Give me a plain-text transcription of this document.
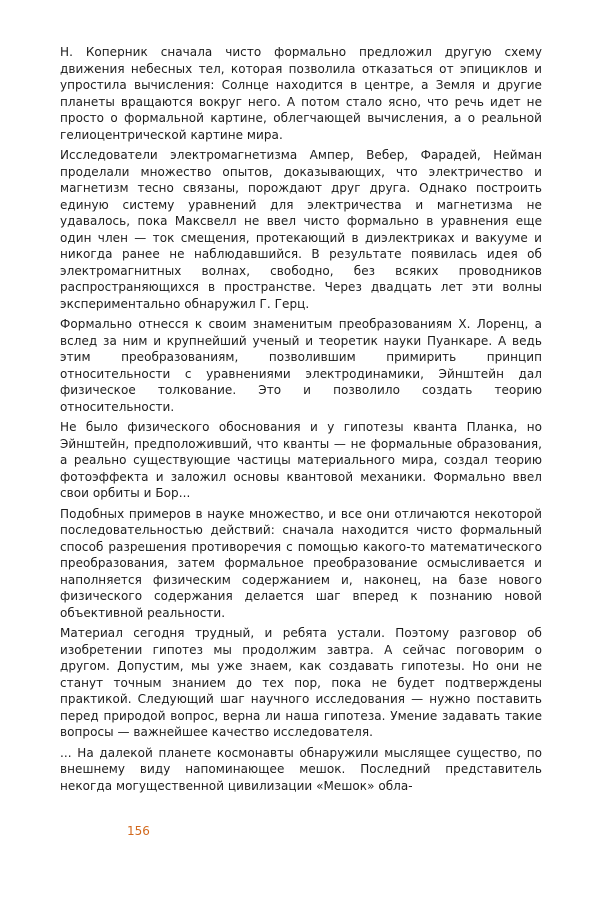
Н. Коперник сначала чисто формально предложил другую схему движения небесных тел, которая позволила отказаться от эпициклов и упростила вычисления: Солнце находится в центре, а Земля и другие планеты вращаются вокруг него. А потом стало ясно, что речь идет не просто о формальной картине, облегчающей вычисления, а о реальной гелиоцентрической картине мира.

Исследователи электромагнетизма Ампер, Вебер, Фарадей, Нейман проделали множество опытов, доказывающих, что электричество и магнетизм тесно связаны, порождают друг друга. Однако построить единую систему уравнений для электричества и магнетизма не удавалось, пока Максвелл не ввел чисто формально в уравнения еще один член — ток смещения, протекающий в диэлектриках и вакууме и никогда ранее не наблюдавшийся. В результате появилась идея об электромагнитных волнах, свободно, без всяких проводников распространяющихся в пространстве. Через двадцать лет эти волны экспериментально обнаружил Г. Герц.

Формально отнесся к своим знаменитым преобразованиям Х. Лоренц, а вслед за ним и крупнейший ученый и теоретик науки Пуанкаре. А ведь этим преобразованиям, позволившим примирить принцип относительности с уравнениями электродинамики, Эйнштейн дал физическое толкование. Это и позволило создать теорию относительности.

Не было физического обоснования и у гипотезы кванта Планка, но Эйнштейн, предположивший, что кванты — не формальные образования, а реально существующие частицы материального мира, создал теорию фотоэффекта и заложил основы квантовой механики. Формально ввел свои орбиты и Бор...

Подобных примеров в науке множество, и все они отличаются некоторой последовательностью действий: сначала находится чисто формальный способ разрешения противоречия с помощью какого-то математического преобразования, затем формальное преобразование осмысливается и наполняется физическим содержанием и, наконец, на базе нового физического содержания делается шаг вперед к познанию новой объективной реальности.

Материал сегодня трудный, и ребята устали. Поэтому разговор об изобретении гипотез мы продолжим завтра. А сейчас поговорим о другом. Допустим, мы уже знаем, как создавать гипотезы. Но они не станут точным знанием до тех пор, пока не будет подтверждены практикой. Следующий шаг научного исследования — нужно поставить перед природой вопрос, верна ли наша гипотеза. Умение задавать такие вопросы — важнейшее качество исследователя.

... На далекой планете космонавты обнаружили мыслящее существо, по внешнему виду напоминающее мешок. Последний представитель некогда могущественной цивилизации «Мешок» обла-

156
